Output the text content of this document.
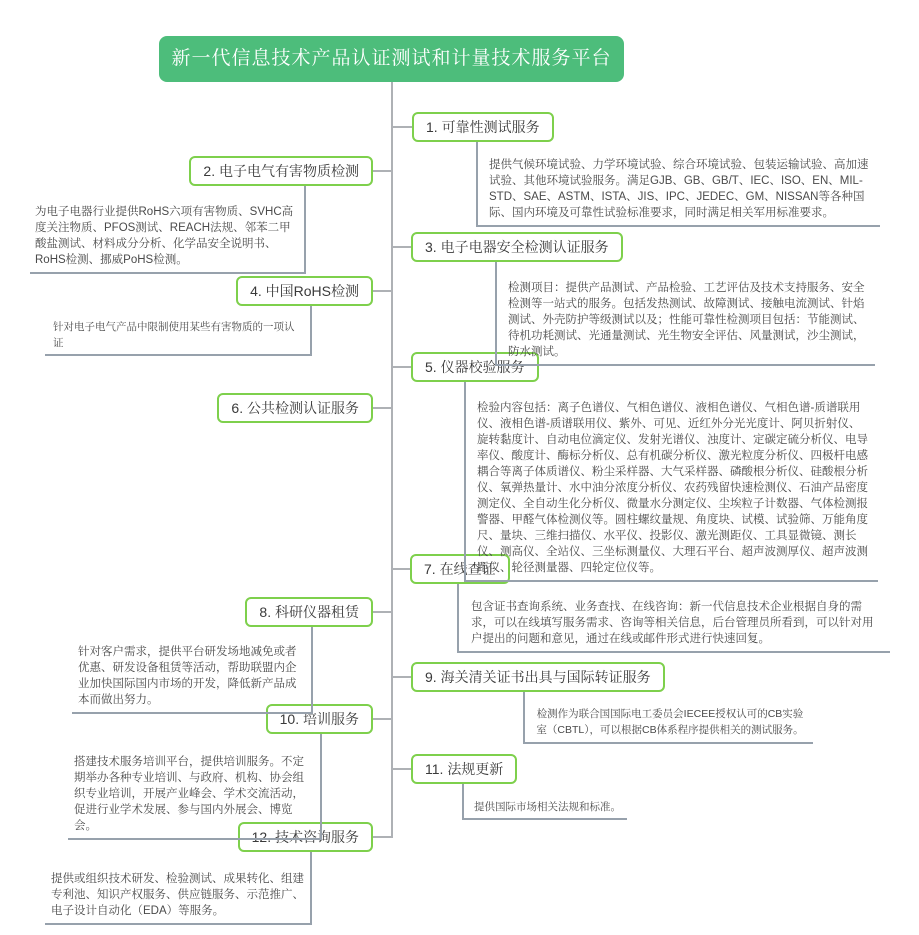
新一代信息技术产品认证测试和计量技术服务平台
1. 可靠性测试服务
2. 电子电气有害物质检测
3. 电子电器安全检测认证服务
4. 中国RoHS检测
5. 仪器校验服务
6. 公共检测认证服务
7. 在线查证
8. 科研仪器租赁
9. 海关清关证书出具与国际转证服务
10. 培训服务
11. 法规更新
12. 技术咨询服务
提供气候环境试验、力学环境试验、综合环境试验、包装运输试验、高加速试验、其他环境试验服务。满足GJB、GB、GB/T、IEC、ISO、EN、MIL-STD、SAE、ASTM、ISTA、JIS、IPC、JEDEC、GM、NISSAN等各种国际、国内环境及可靠性试验标准要求，同时满足相关军用标准要求。
为电子电器行业提供RoHS六项有害物质、SVHC高度关注物质、PFOS测试、REACH法规、邻苯二甲酸盐测试、材料成分分析、化学品安全说明书、RoHS检测、挪威PoHS检测。
检测项目：提供产品测试、产品检验、工艺评估及技术支持服务、安全检测等一站式的服务。包括发热测试、故障测试、接触电流测试、针焰测试、外壳防护等级测试以及；性能可靠性检测项目包括：节能测试、待机功耗测试、光通量测试、光生物安全评估、风量测试，沙尘测试，防水测试。
针对电子电气产品中限制使用某些有害物质的一项认证
检验内容包括：离子色谱仪、气相色谱仪、液相色谱仪、气相色谱-质谱联用仪、液相色谱-质谱联用仪、紫外、可见、近红外分光光度计、阿贝折射仪、旋转黏度计、自动电位滴定仪、发射光谱仪、浊度计、定碳定硫分析仪、电导率仪、酸度计、酶标分析仪、总有机碳分析仪、激光粒度分析仪、四极杆电感耦合等离子体质谱仪、粉尘采样器、大气采样器、磷酸根分析仪、硅酸根分析仪、氧弹热量计、水中油分浓度分析仪、农药残留快速检测仪、石油产品密度测定仪、全自动生化分析仪、微量水分测定仪、尘埃粒子计数器、气体检测报警器、甲醛气体检测仪等。圆柱螺纹量规、角度块、试模、试验筛、万能角度尺、量块、三维扫描仪、水平仪、投影仪、激光测距仪、工具显微镜、测长仪、测高仪、全站仪、三坐标测量仪、大理石平台、超声波测厚仪、超声波测距仪、轮径测量器、四轮定位仪等。
包含证书查询系统、业务查找、在线咨询：新一代信息技术企业根据自身的需求，可以在线填写服务需求、咨询等相关信息，后台管理员所看到，可以针对用户提出的问题和意见，通过在线或邮件形式进行快速回复。
针对客户需求，提供平台研发场地减免或者优惠、研发设备租赁等活动，帮助联盟内企业加快国际国内市场的开发，降低新产品成本而做出努力。
检测作为联合国国际电工委员会IECEE授权认可的CB实验室（CBTL），可以根据CB体系程序提供相关的测试服务。
搭建技术服务培训平台，提供培训服务。不定期举办各种专业培训、与政府、机构、协会组织专业培训，开展产业峰会、学术交流活动，促进行业学术发展、参与国内外展会、博览会。
提供国际市场相关法规和标准。
提供或组织技术研发、检验测试、成果转化、组建专利池、知识产权服务、供应链服务、示范推广、电子设计自动化（EDA）等服务。
